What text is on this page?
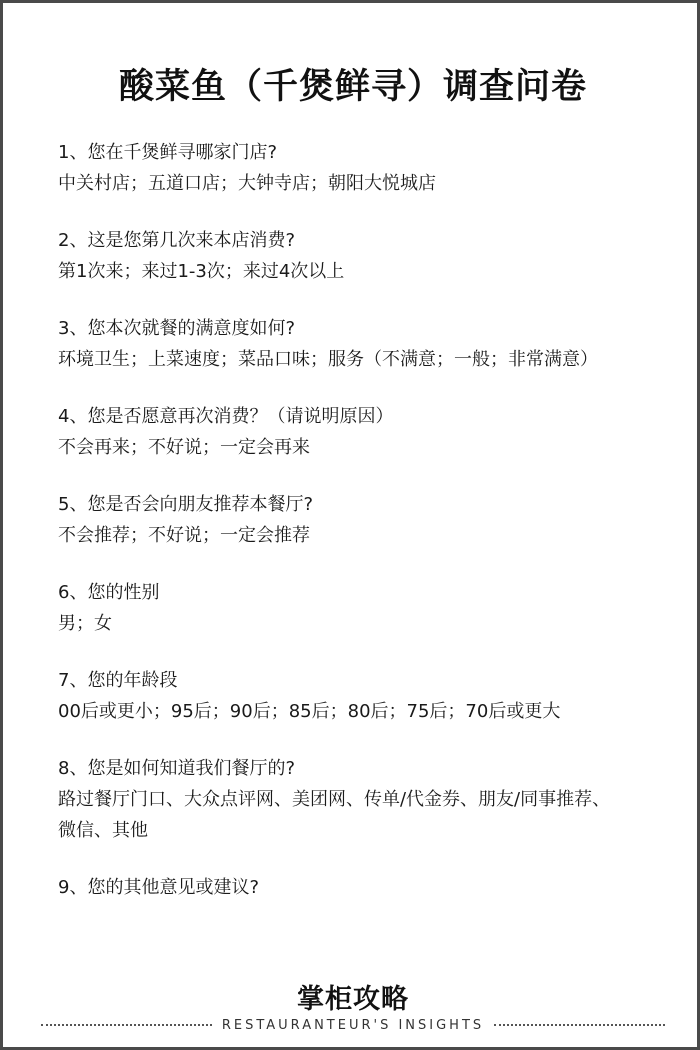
酸菜鱼（千煲鲜寻）调查问卷
1、您在千煲鲜寻哪家门店?
中关村店；五道口店；大钟寺店；朝阳大悦城店
2、这是您第几次来本店消费?
第1次来；来过1-3次；来过4次以上
3、您本次就餐的满意度如何?
环境卫生；上菜速度；菜品口味；服务（不满意；一般；非常满意）
4、您是否愿意再次消费？（请说明原因）
不会再来；不好说；一定会再来
5、您是否会向朋友推荐本餐厅?
不会推荐；不好说；一定会推荐
6、您的性别
男；女
7、您的年龄段
00后或更小；95后；90后；85后；80后；75后；70后或更大
8、您是如何知道我们餐厅的?
路过餐厅门口、大众点评网、美团网、传单/代金券、朋友/同事推荐、
微信、其他
9、您的其他意见或建议?
掌柜攻略
RESTAURANTEUR'S INSIGHTS
